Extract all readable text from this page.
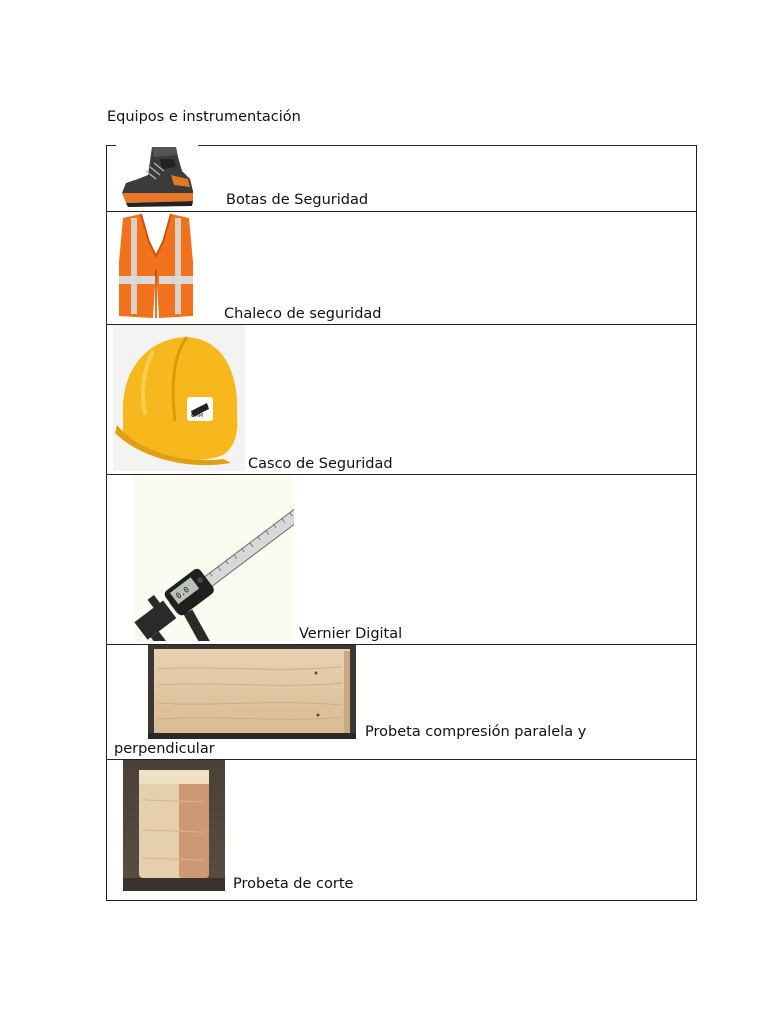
Equipos e instrumentación
Botas de Seguridad
Chaleco de seguridad
CMM
Casco de Seguridad
0.0
Vernier Digital
Probeta compresión paralela y
perpendicular
Probeta de corte
